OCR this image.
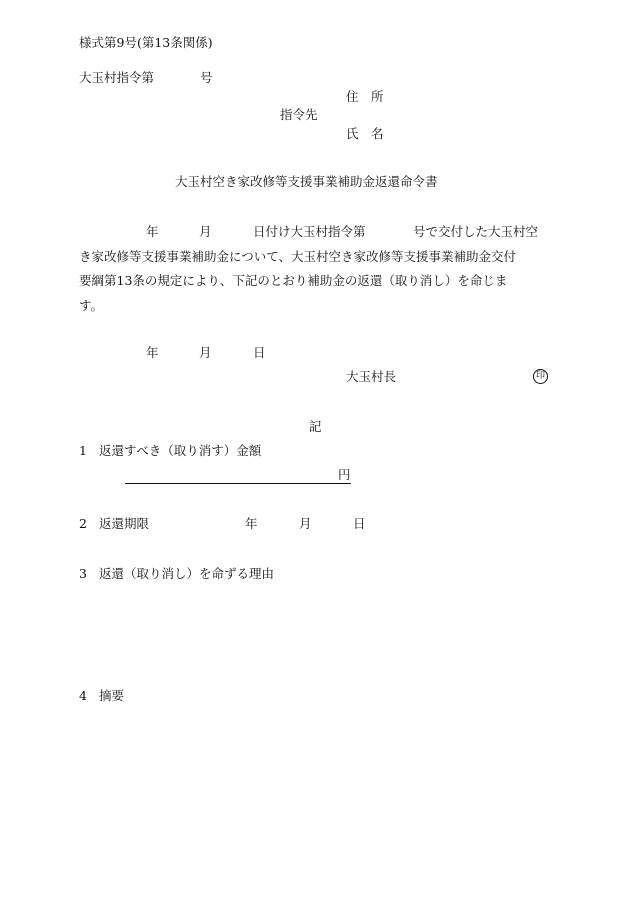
様式第9号(第13条関係)
大玉村指令第	号
住　所
指令先
氏　名
大玉村空き家改修等支援事業補助金返還命令書
年	月	日付け大玉村指令第	号で交付した大玉村空
き家改修等支援事業補助金について、大玉村空き家改修等支援事業補助金交付
要綱第13条の規定により、下記のとおり補助金の返還（取り消し）を命じま
す。
年	月	日
大玉村長	印
記
1 返還すべき（取り消す）金額
円
2 返還期限	年	月	日
3 返還（取り消し）を命ずる理由
4 摘要
